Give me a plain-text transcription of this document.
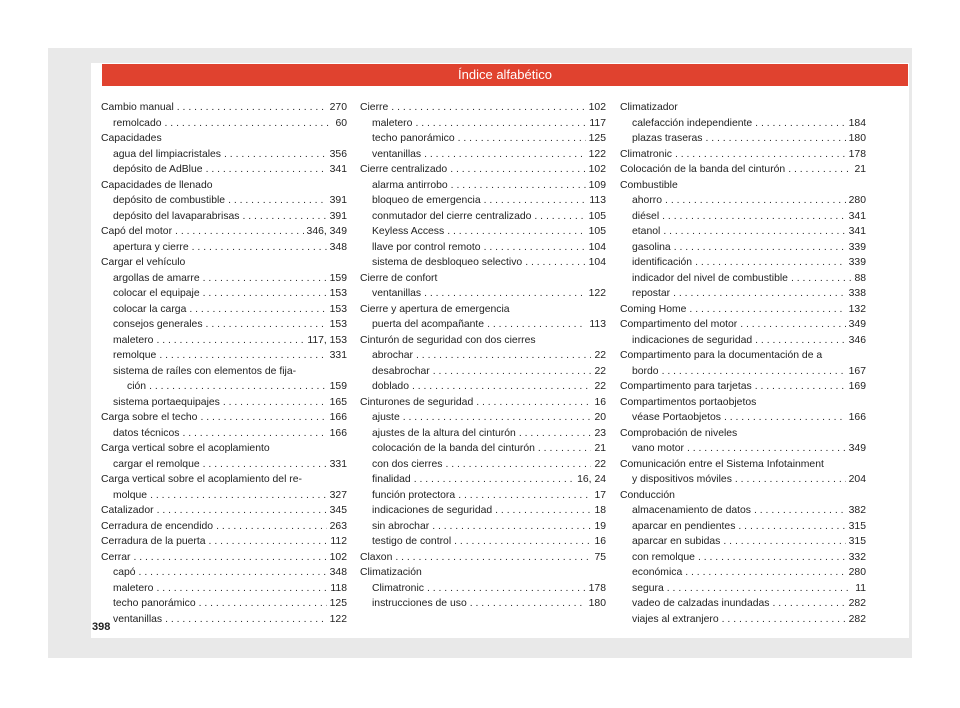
Índice alfabético
Cambio manual . . .	270
remolcado . . .	60
Capacidades
agua del limpiacristales . . .	356
depósito de AdBlue . . .	341
Capacidades de llenado
depósito de combustible . . .	391
depósito del lavaparabrisas . . .	391
Capó del motor . . .	346, 349
apertura y cierre . . .	348
Cargar el vehículo
argollas de amarre . . .	159
colocar el equipaje . . .	153
colocar la carga . . .	153
consejos generales . . .	153
maletero . . .	117, 153
remolque . . .	331
sistema de raíles con elementos de fija-
ción . . .	159
sistema portaequipajes . . .	165
Carga sobre el techo . . .	166
datos técnicos . . .	166
Carga vertical sobre el acoplamiento
cargar el remolque . . .	331
Carga vertical sobre el acoplamiento del re-
molque . . .	327
Catalizador . . .	345
Cerradura de encendido . . .	263
Cerradura de la puerta . . .	112
Cerrar . . .	102
capó . . .	348
maletero . . .	118
techo panorámico . . .	125
ventanillas . . .	122
Cierre . . .	102
maletero . . .	117
techo panorámico . . .	125
ventanillas . . .	122
Cierre centralizado . . .	102
alarma antirrobo . . .	109
bloqueo de emergencia . . .	113
conmutador del cierre centralizado . . .	105
Keyless Access . . .	105
llave por control remoto . . .	104
sistema de desbloqueo selectivo . . .	104
Cierre de confort
ventanillas . . .	122
Cierre y apertura de emergencia
puerta del acompañante . . .	113
Cinturón de seguridad con dos cierres
abrochar . . .	22
desabrochar . . .	22
doblado . . .	22
Cinturones de seguridad . . .	16
ajuste . . .	20
ajustes de la altura del cinturón . . .	23
colocación de la banda del cinturón . . .	21
con dos cierres . . .	22
finalidad . . .	16, 24
función protectora . . .	17
indicaciones de seguridad . . .	18
sin abrochar . . .	19
testigo de control . . .	16
Claxon . . .	75
Climatización
Climatronic . . .	178
instrucciones de uso . . .	180
Climatizador
calefacción independiente . . .	184
plazas traseras . . .	180
Climatronic . . .	178
Colocación de la banda del cinturón . . .	21
Combustible
ahorro . . .	280
diésel . . .	341
etanol . . .	341
gasolina . . .	339
identificación . . .	339
indicador del nivel de combustible . . .	88
repostar . . .	338
Coming Home . . .	132
Compartimento del motor . . .	349
indicaciones de seguridad . . .	346
Compartimento para la documentación de a
bordo . . .	167
Compartimento para tarjetas . . .	169
Compartimentos portaobjetos
véase Portaobjetos . . .	166
Comprobación de niveles
vano motor . . .	349
Comunicación entre el Sistema Infotainment
y dispositivos móviles . . .	204
Conducción
almacenamiento de datos . . .	382
aparcar en pendientes . . .	315
aparcar en subidas . . .	315
con remolque . . .	332
económica . . .	280
segura . . .	11
vadeo de calzadas inundadas . . .	282
viajes al extranjero . . .	282
398
